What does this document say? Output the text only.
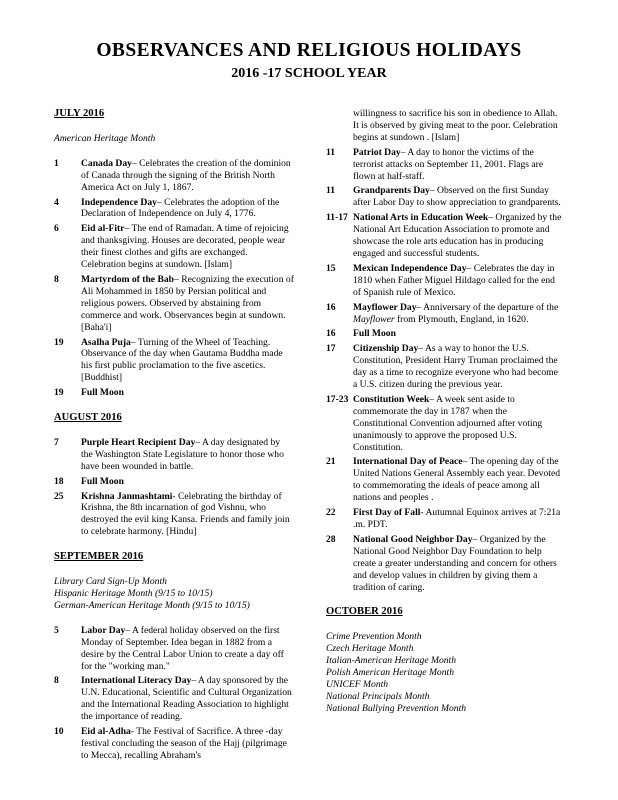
OBSERVANCES AND RELIGIOUS HOLIDAYS
2016 -17 SCHOOL YEAR
JULY 2016
American Heritage Month
1 Canada Day– Celebrates the creation of the dominion of Canada through the signing of the British North America Act on July 1, 1867.
4 Independence Day– Celebrates the adoption of the Declaration of Independence on July 4, 1776.
6 Eid al-Fitr– The end of Ramadan. A time of rejoicing and thanksgiving. Houses are decorated, people wear their finest clothes and gifts are exchanged. Celebration begins at sundown. [Islam]
8 Martyrdom of the Bab– Recognizing the execution of Ali Mohammed in 1850 by Persian political and religious powers. Observed by abstaining from commerce and work. Observances begin at sundown. [Baha'i]
19 Asalha Puja– Turning of the Wheel of Teaching. Observance of the day when Gautama Buddha made his first public proclamation to the five ascetics. [Buddhist]
19 Full Moon
AUGUST 2016
7 Purple Heart Recipient Day– A day designated by the Washington State Legislature to honor those who have been wounded in battle.
18 Full Moon
25 Krishna Janmashtami- Celebrating the birthday of Krishna, the 8th incarnation of god Vishnu, who destroyed the evil king Kansa. Friends and family join to celebrate harmony. [Hindu]
SEPTEMBER 2016
Library Card Sign-Up Month
Hispanic Heritage Month (9/15 to 10/15)
German-American Heritage Month (9/15 to 10/15)
5 Labor Day– A federal holiday observed on the first Monday of September. Idea began in 1882 from a desire by the Central Labor Union to create a day off for the "working man."
8 International Literacy Day– A day sponsored by the U.N. Educational, Scientific and Cultural Organization and the International Reading Association to highlight the importance of reading.
10 Eid al-Adha- The Festival of Sacrifice. A three -day festival concluding the season of the Hajj (pilgrimage to Mecca), recalling Abraham's
willingness to sacrifice his son in obedience to Allah. It is observed by giving meat to the poor. Celebration begins at sundown . [Islam]
11 Patriot Day– A day to honor the victims of the terrorist attacks on September 11, 2001. Flags are flown at half-staff.
11 Grandparents Day– Observed on the first Sunday after Labor Day to show appreciation to grandparents.
11-17 National Arts in Education Week– Organized by the National Art Education Association to promote and showcase the role arts education has in producing engaged and successful students.
15 Mexican Independence Day– Celebrates the day in 1810 when Father Miguel Hildago called for the end of Spanish rule of Mexico.
16 Mayflower Day– Anniversary of the departure of the Mayflower from Plymouth, England, in 1620.
16 Full Moon
17 Citizenship Day– As a way to honor the U.S. Constitution, President Harry Truman proclaimed the day as a time to recognize everyone who had become a U.S. citizen during the previous year.
17-23 Constitution Week– A week sent aside to commemorate the day in 1787 when the Constitutional Convention adjourned after voting unanimously to approve the proposed U.S. Constitution.
21 International Day of Peace– The opening day of the United Nations General Assembly each year. Devoted to commemorating the ideals of peace among all nations and peoples .
22 First Day of Fall- Autumnal Equinox arrives at 7:21a .m. PDT.
28 National Good Neighbor Day– Organized by the National Good Neighbor Day Foundation to help create a greater understanding and concern for others and develop values in children by giving them a tradition of caring.
OCTOBER 2016
Crime Prevention Month
Czech Heritage Month
Italian-American Heritage Month
Polish American Heritage Month
UNICEF Month
National Principals Month
National Bullying Prevention Month
